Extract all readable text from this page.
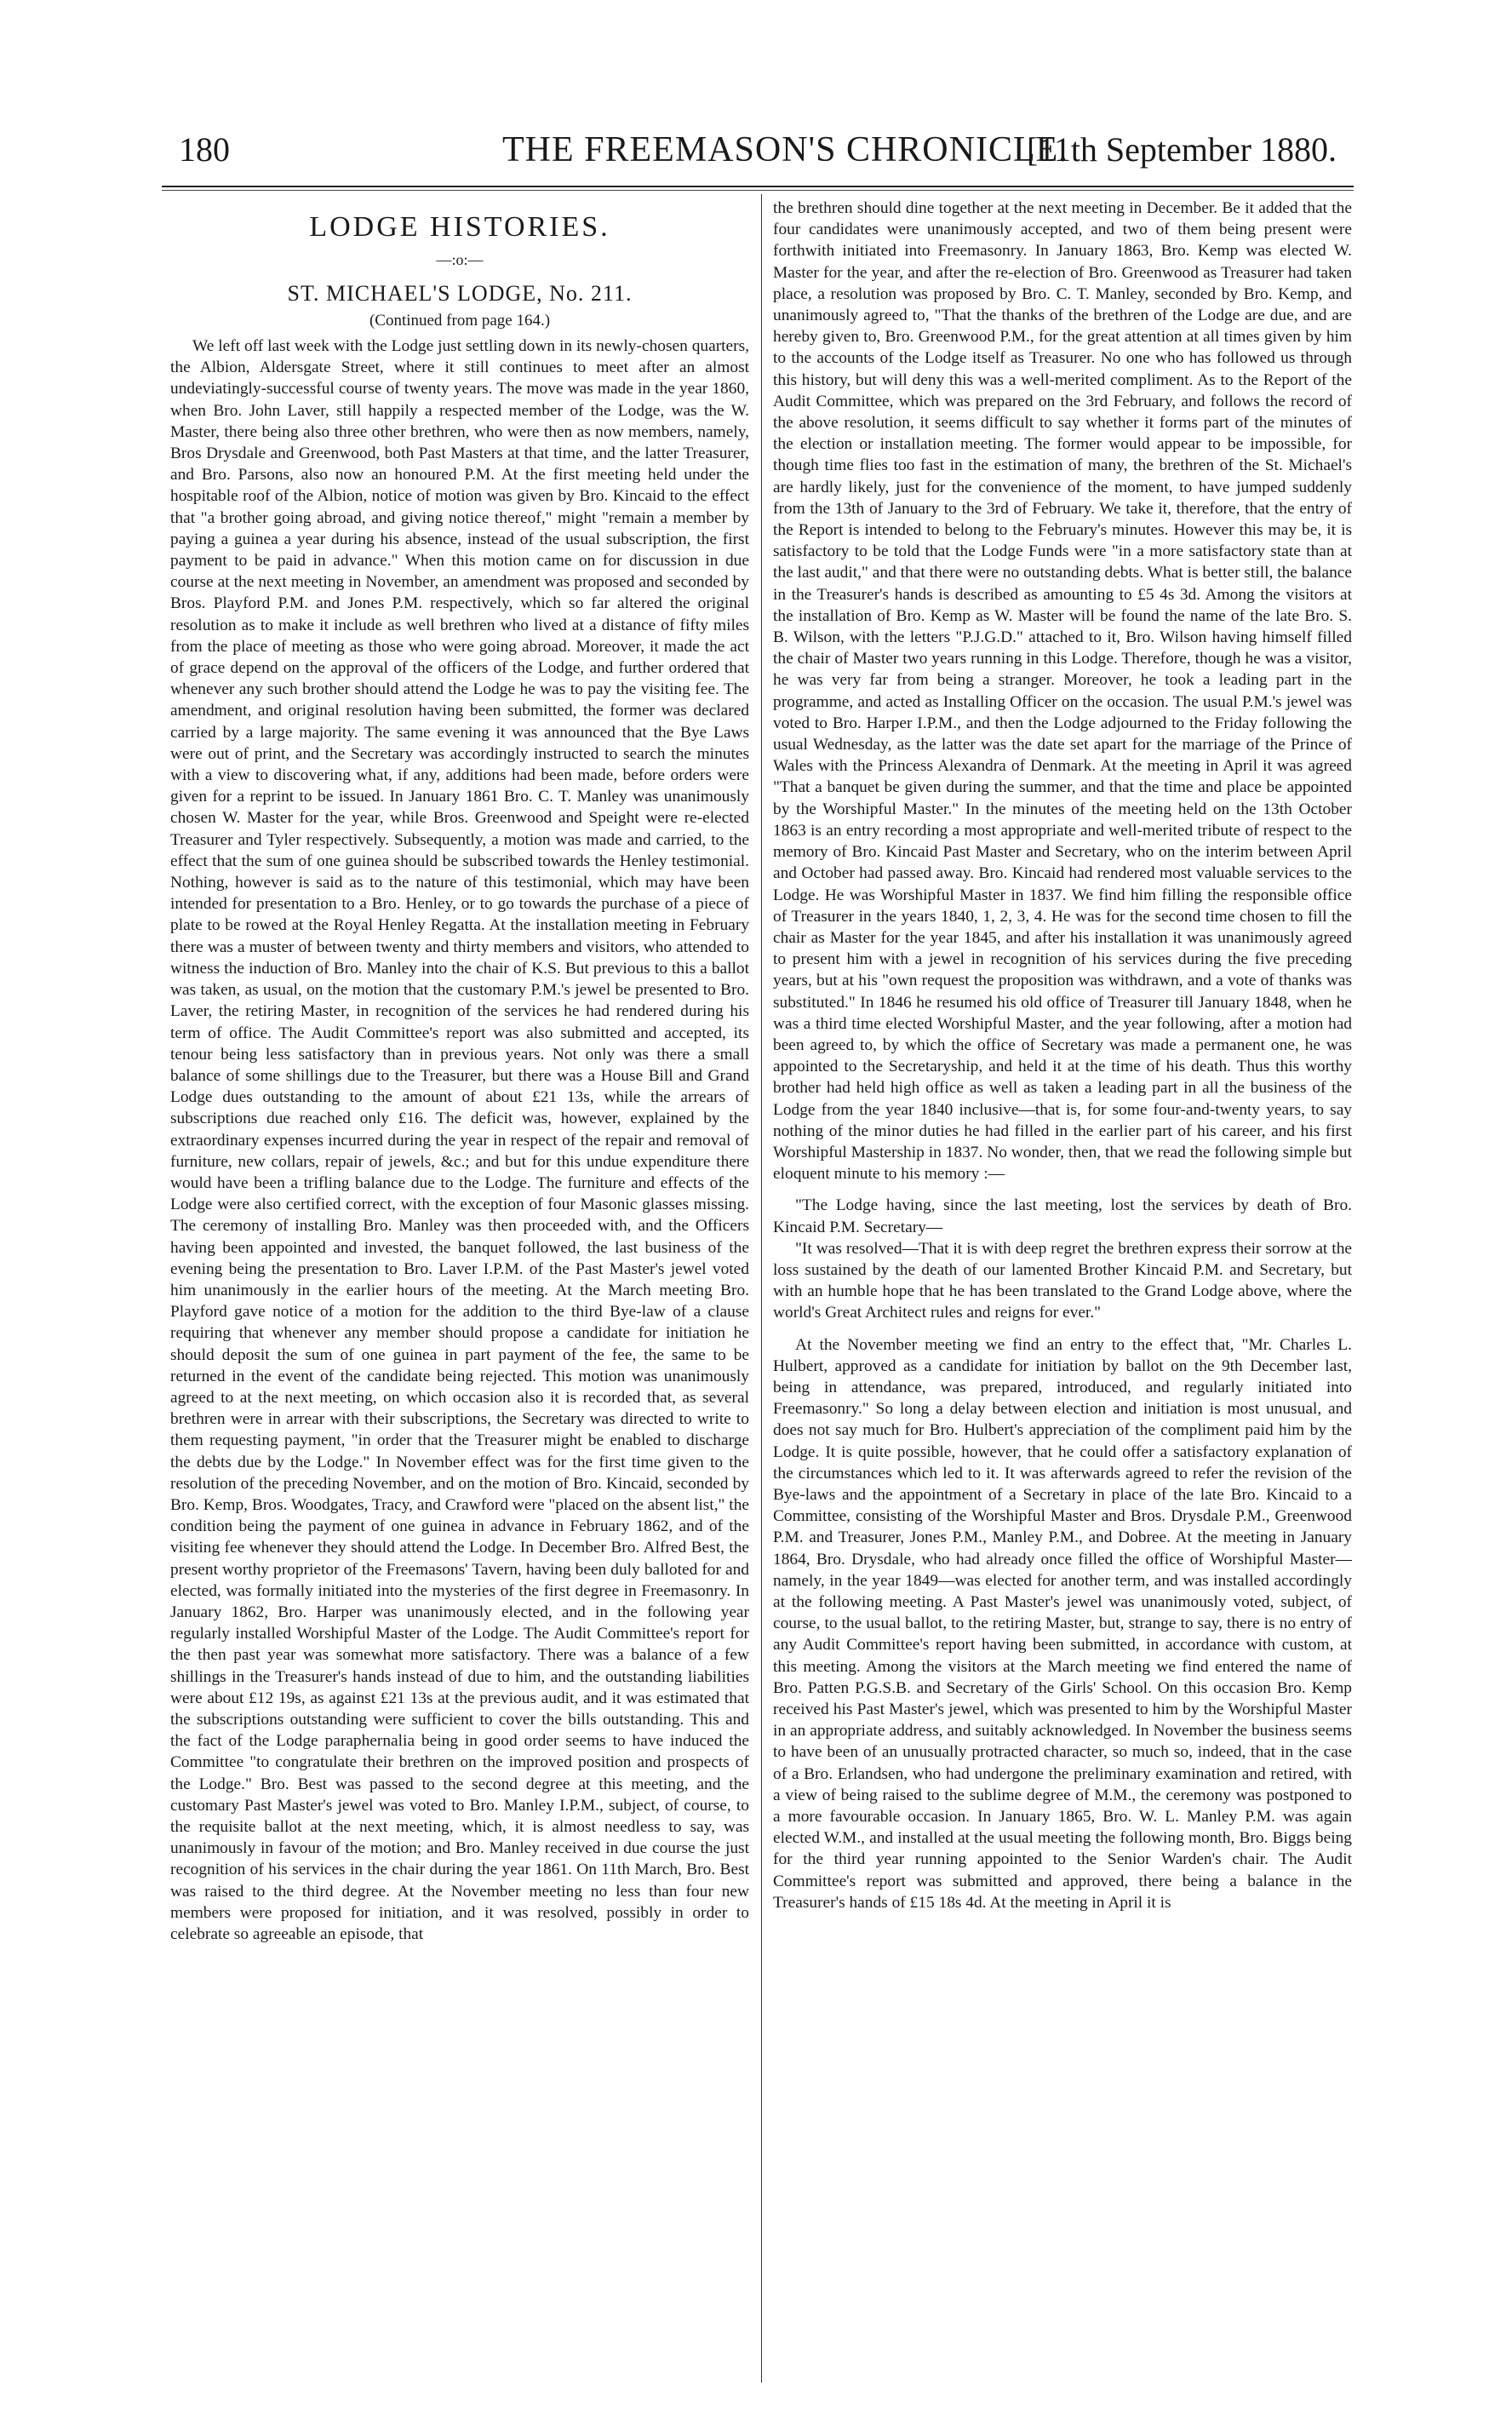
180	THE FREEMASON'S CHRONICLE.
[11th September 1880.
LODGE HISTORIES.
—:o:—
ST. MICHAEL'S LODGE, No. 211.
(Continued from page 164.)

We left off last week with the Lodge just settling down in its newly-chosen quarters, the Albion, Aldersgate Street, where it still continues to meet after an almost undeviatingly-successful course of twenty years. The move was made in the year 1860, when Bro. John Laver, still happily a respected member of the Lodge, was the W. Master, there being also three other brethren, who were then as now members, namely, Bros Drysdale and Greenwood, both Past Masters at that time, and the latter Treasurer, and Bro. Parsons, also now an honoured P.M. At the first meeting held under the hospitable roof of the Albion, notice of motion was given by Bro. Kincaid to the effect that "a brother going abroad, and giving notice thereof," might "remain a member by paying a guinea a year during his absence, instead of the usual subscription, the first payment to be paid in advance." When this motion came on for discussion in due course at the next meeting in November, an amendment was proposed and seconded by Bros. Playford P.M. and Jones P.M. respectively, which so far altered the original resolution as to make it include as well brethren who lived at a distance of fifty miles from the place of meeting as those who were going abroad. Moreover, it made the act of grace depend on the approval of the officers of the Lodge, and further ordered that whenever any such brother should attend the Lodge he was to pay the visiting fee. The amendment, and original resolution having been submitted, the former was declared carried by a large majority. The same evening it was announced that the Bye Laws were out of print, and the Secretary was accordingly instructed to search the minutes with a view to discovering what, if any, additions had been made, before orders were given for a reprint to be issued. In January 1861 Bro. C. T. Manley was unanimously chosen W. Master for the year, while Bros. Greenwood and Speight were re-elected Treasurer and Tyler respectively. Subsequently, a motion was made and carried, to the effect that the sum of one guinea should be subscribed towards the Henley testimonial. Nothing, however is said as to the nature of this testimonial, which may have been intended for presentation to a Bro. Henley, or to go towards the purchase of a piece of plate to be rowed at the Royal Henley Regatta. At the installation meeting in February there was a muster of between twenty and thirty members and visitors, who attended to witness the induction of Bro. Manley into the chair of K.S. But previous to this a ballot was taken, as usual, on the motion that the customary P.M.'s jewel be presented to Bro. Laver, the retiring Master, in recognition of the services he had rendered during his term of office. The Audit Committee's report was also submitted and accepted, its tenour being less satisfactory than in previous years. Not only was there a small balance of some shillings due to the Treasurer, but there was a House Bill and Grand Lodge dues outstanding to the amount of about £21 13s, while the arrears of subscriptions due reached only £16. The deficit was, however, explained by the extraordinary expenses incurred during the year in respect of the repair and removal of furniture, new collars, repair of jewels, &c.; and but for this undue expenditure there would have been a trifling balance due to the Lodge. The furniture and effects of the Lodge were also certified correct, with the exception of four Masonic glasses missing. The ceremony of installing Bro. Manley was then proceeded with, and the Officers having been appointed and invested, the banquet followed, the last business of the evening being the presentation to Bro. Laver I.P.M. of the Past Master's jewel voted him unanimously in the earlier hours of the meeting. At the March meeting Bro. Playford gave notice of a motion for the addition to the third Bye-law of a clause requiring that whenever any member should propose a candidate for initiation he should deposit the sum of one guinea in part payment of the fee, the same to be returned in the event of the candidate being rejected. This motion was unanimously agreed to at the next meeting, on which occasion also it is recorded that, as several brethren were in arrear with their subscriptions, the Secretary was directed to write to them requesting payment, "in order that the Treasurer might be enabled to discharge the debts due by the Lodge." In November effect was for the first time given to the resolution of the preceding November, and on the motion of Bro. Kincaid, seconded by Bro. Kemp, Bros. Woodgates, Tracy, and Crawford were "placed on the absent list," the condition being the payment of one guinea in advance in February 1862, and of the visiting fee whenever they should attend the Lodge. In December Bro. Alfred Best, the present worthy proprietor of the Freemasons' Tavern, having been duly balloted for and elected, was formally initiated into the mysteries of the first degree in Freemasonry. In January 1862, Bro. Harper was unanimously elected, and in the following year regularly installed Worshipful Master of the Lodge. The Audit Committee's report for the then past year was somewhat more satisfactory. There was a balance of a few shillings in the Treasurer's hands instead of due to him, and the outstanding liabilities were about £12 19s, as against £21 13s at the previous audit, and it was estimated that the subscriptions outstanding were sufficient to cover the bills outstanding. This and the fact of the Lodge paraphernalia being in good order seems to have induced the Committee "to congratulate their brethren on the improved position and prospects of the Lodge." Bro. Best was passed to the second degree at this meeting, and the customary Past Master's jewel was voted to Bro. Manley I.P.M., subject, of course, to the requisite ballot at the next meeting, which, it is almost needless to say, was unanimously in favour of the motion; and Bro. Manley received in due course the just recognition of his services in the chair during the year 1861. On 11th March, Bro. Best was raised to the third degree. At the November meeting no less than four new members were proposed for initiation, and it was resolved, possibly in order to celebrate so agreeable an episode, that

the brethren should dine together at the next meeting in December. Be it added that the four candidates were unanimously accepted, and two of them being present were forthwith initiated into Freemasonry. In January 1863, Bro. Kemp was elected W. Master for the year, and after the re-election of Bro. Greenwood as Treasurer had taken place, a resolution was proposed by Bro. C. T. Manley, seconded by Bro. Kemp, and unanimously agreed to, "That the thanks of the brethren of the Lodge are due, and are hereby given to, Bro. Greenwood P.M., for the great attention at all times given by him to the accounts of the Lodge itself as Treasurer. No one who has followed us through this history, but will deny this was a well-merited compliment. As to the Report of the Audit Committee, which was prepared on the 3rd February, and follows the record of the above resolution, it seems difficult to say whether it forms part of the minutes of the election or installation meeting. The former would appear to be impossible, for though time flies too fast in the estimation of many, the brethren of the St. Michael's are hardly likely, just for the convenience of the moment, to have jumped suddenly from the 13th of January to the 3rd of February. We take it, therefore, that the entry of the Report is intended to belong to the February's minutes. However this may be, it is satisfactory to be told that the Lodge Funds were "in a more satisfactory state than at the last audit," and that there were no outstanding debts. What is better still, the balance in the Treasurer's hands is described as amounting to £5 4s 3d. Among the visitors at the installation of Bro. Kemp as W. Master will be found the name of the late Bro. S. B. Wilson, with the letters "P.J.G.D." attached to it, Bro. Wilson having himself filled the chair of Master two years running in this Lodge. Therefore, though he was a visitor, he was very far from being a stranger. Moreover, he took a leading part in the programme, and acted as Installing Officer on the occasion. The usual P.M.'s jewel was voted to Bro. Harper I.P.M., and then the Lodge adjourned to the Friday following the usual Wednesday, as the latter was the date set apart for the marriage of the Prince of Wales with the Princess Alexandra of Denmark. At the meeting in April it was agreed "That a banquet be given during the summer, and that the time and place be appointed by the Worshipful Master." In the minutes of the meeting held on the 13th October 1863 is an entry recording a most appropriate and well-merited tribute of respect to the memory of Bro. Kincaid Past Master and Secretary, who on the interim between April and October had passed away. Bro. Kincaid had rendered most valuable services to the Lodge. He was Worshipful Master in 1837. We find him filling the responsible office of Treasurer in the years 1840, 1, 2, 3, 4. He was for the second time chosen to fill the chair as Master for the year 1845, and after his installation it was unanimously agreed to present him with a jewel in recognition of his services during the five preceding years, but at his "own request the proposition was withdrawn, and a vote of thanks was substituted." In 1846 he resumed his old office of Treasurer till January 1848, when he was a third time elected Worshipful Master, and the year following, after a motion had been agreed to, by which the office of Secretary was made a permanent one, he was appointed to the Secretaryship, and held it at the time of his death. Thus this worthy brother had held high office as well as taken a leading part in all the business of the Lodge from the year 1840 inclusive—that is, for some four-and-twenty years, to say nothing of the minor duties he had filled in the earlier part of his career, and his first Worshipful Mastership in 1837. No wonder, then, that we read the following simple but eloquent minute to his memory :—

"The Lodge having, since the last meeting, lost the services by death of Bro. Kincaid P.M. Secretary—

"It was resolved—That it is with deep regret the brethren express their sorrow at the loss sustained by the death of our lamented Brother Kincaid P.M. and Secretary, but with an humble hope that he has been translated to the Grand Lodge above, where the world's Great Architect rules and reigns for ever."

At the November meeting we find an entry to the effect that, "Mr. Charles L. Hulbert, approved as a candidate for initiation by ballot on the 9th December last, being in attendance, was prepared, introduced, and regularly initiated into Freemasonry." So long a delay between election and initiation is most unusual, and does not say much for Bro. Hulbert's appreciation of the compliment paid him by the Lodge. It is quite possible, however, that he could offer a satisfactory explanation of the circumstances which led to it. It was afterwards agreed to refer the revision of the Bye-laws and the appointment of a Secretary in place of the late Bro. Kincaid to a Committee, consisting of the Worshipful Master and Bros. Drysdale P.M., Greenwood P.M. and Treasurer, Jones P.M., Manley P.M., and Dobree. At the meeting in January 1864, Bro. Drysdale, who had already once filled the office of Worshipful Master—namely, in the year 1849—was elected for another term, and was installed accordingly at the following meeting. A Past Master's jewel was unanimously voted, subject, of course, to the usual ballot, to the retiring Master, but, strange to say, there is no entry of any Audit Committee's report having been submitted, in accordance with custom, at this meeting. Among the visitors at the March meeting we find entered the name of Bro. Patten P.G.S.B. and Secretary of the Girls' School. On this occasion Bro. Kemp received his Past Master's jewel, which was presented to him by the Worshipful Master in an appropriate address, and suitably acknowledged. In November the business seems to have been of an unusually protracted character, so much so, indeed, that in the case of a Bro. Erlandsen, who had undergone the preliminary examination and retired, with a view of being raised to the sublime degree of M.M., the ceremony was postponed to a more favourable occasion. In January 1865, Bro. W. L. Manley P.M. was again elected W.M., and installed at the usual meeting the following month, Bro. Biggs being for the third year running appointed to the Senior Warden's chair. The Audit Committee's report was submitted and approved, there being a balance in the Treasurer's hands of £15 18s 4d. At the meeting in April it is
